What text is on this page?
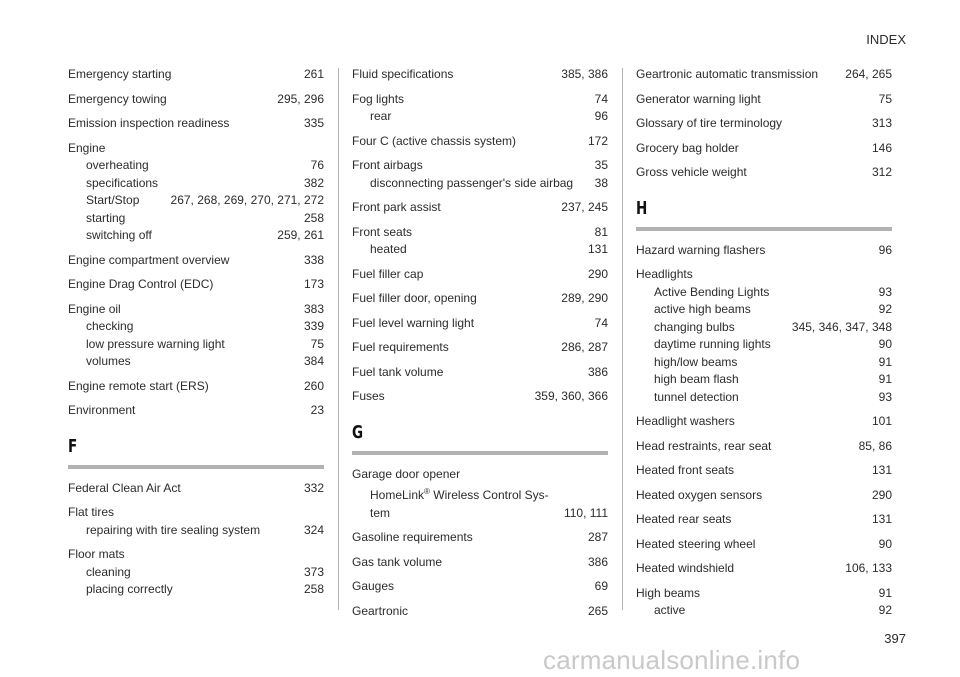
INDEX
Emergency starting	261
Emergency towing	295, 296
Emission inspection readiness	335
Engine
overheating	76
specifications	382
Start/Stop	267, 268, 269, 270, 271, 272
starting	258
switching off	259, 261
Engine compartment overview	338
Engine Drag Control (EDC)	173
Engine oil	383
checking	339
low pressure warning light	75
volumes	384
Engine remote start (ERS)	260
Environment	23
F
Federal Clean Air Act	332
Flat tires
repairing with tire sealing system	324
Floor mats
cleaning	373
placing correctly	258
Fluid specifications	385, 386
Fog lights	74
rear	96
Four C (active chassis system)	172
Front airbags	35
disconnecting passenger's side airbag	38
Front park assist	237, 245
Front seats	81
heated	131
Fuel filler cap	290
Fuel filler door, opening	289, 290
Fuel level warning light	74
Fuel requirements	286, 287
Fuel tank volume	386
Fuses	359, 360, 366
G
Garage door opener
HomeLink® Wireless Control Sys-
tem	110, 111
Gasoline requirements	287
Gas tank volume	386
Gauges	69
Geartronic	265
Geartronic automatic transmission	264, 265
Generator warning light	75
Glossary of tire terminology	313
Grocery bag holder	146
Gross vehicle weight	312
H
Hazard warning flashers	96
Headlights
Active Bending Lights	93
active high beams	92
changing bulbs	345, 346, 347, 348
daytime running lights	90
high/low beams	91
high beam flash	91
tunnel detection	93
Headlight washers	101
Head restraints, rear seat	85, 86
Heated front seats	131
Heated oxygen sensors	290
Heated rear seats	131
Heated steering wheel	90
Heated windshield	106, 133
High beams	91
active	92
397
carmanualsonline.info
